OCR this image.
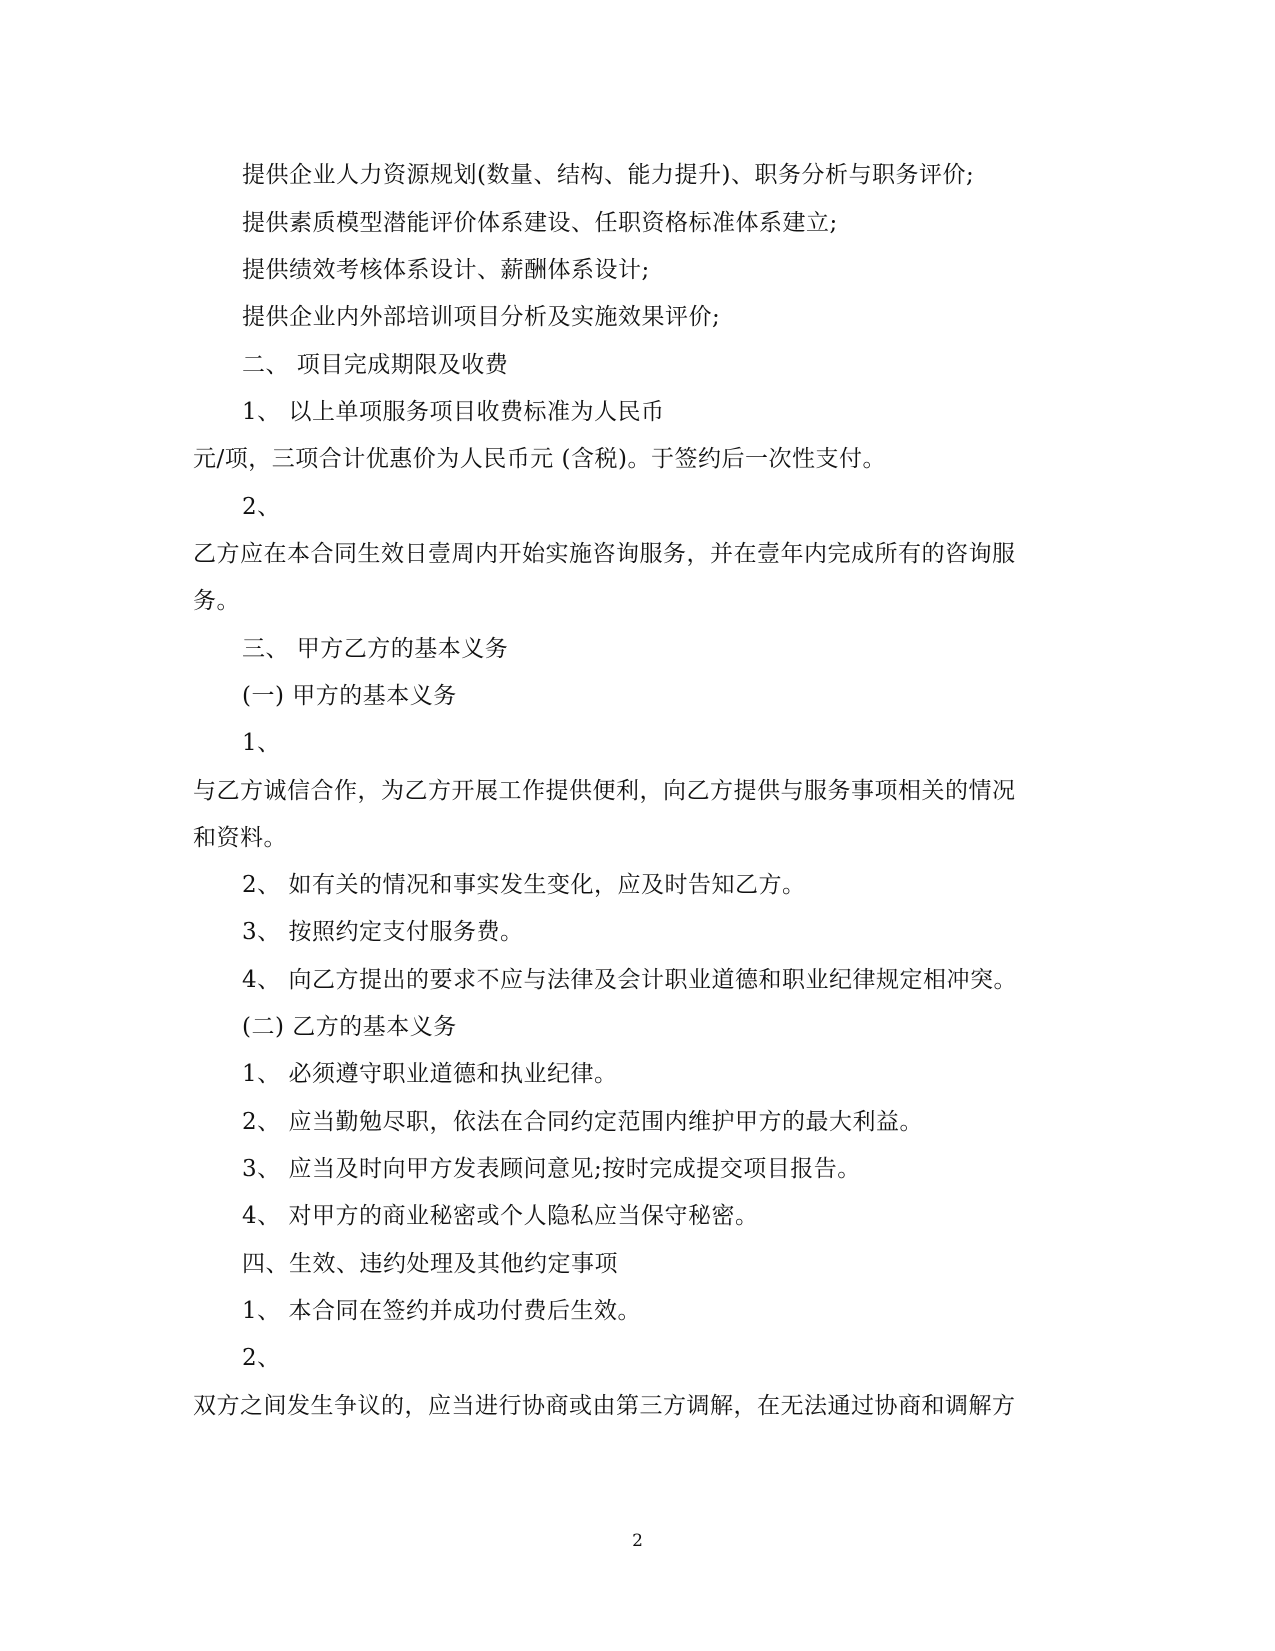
提供企业人力资源规划(数量、结构、能力提升)、职务分析与职务评价;
提供素质模型潜能评价体系建设、任职资格标准体系建立;
提供绩效考核体系设计、薪酬体系设计;
提供企业内外部培训项目分析及实施效果评价;
二、 项目完成期限及收费
1、 以上单项服务项目收费标准为人民币
元/项，三项合计优惠价为人民币元 (含税)。于签约后一次性支付。
2、
乙方应在本合同生效日壹周内开始实施咨询服务，并在壹年内完成所有的咨询服
务。
三、 甲方乙方的基本义务
(一) 甲方的基本义务
1、
与乙方诚信合作，为乙方开展工作提供便利，向乙方提供与服务事项相关的情况
和资料。
2、 如有关的情况和事实发生变化，应及时告知乙方。
3、 按照约定支付服务费。
4、 向乙方提出的要求不应与法律及会计职业道德和职业纪律规定相冲突。
(二) 乙方的基本义务
1、 必须遵守职业道德和执业纪律。
2、 应当勤勉尽职，依法在合同约定范围内维护甲方的最大利益。
3、 应当及时向甲方发表顾问意见;按时完成提交项目报告。
4、 对甲方的商业秘密或个人隐私应当保守秘密。
四、生效、违约处理及其他约定事项
1、 本合同在签约并成功付费后生效。
2、
双方之间发生争议的，应当进行协商或由第三方调解，在无法通过协商和调解方
2
